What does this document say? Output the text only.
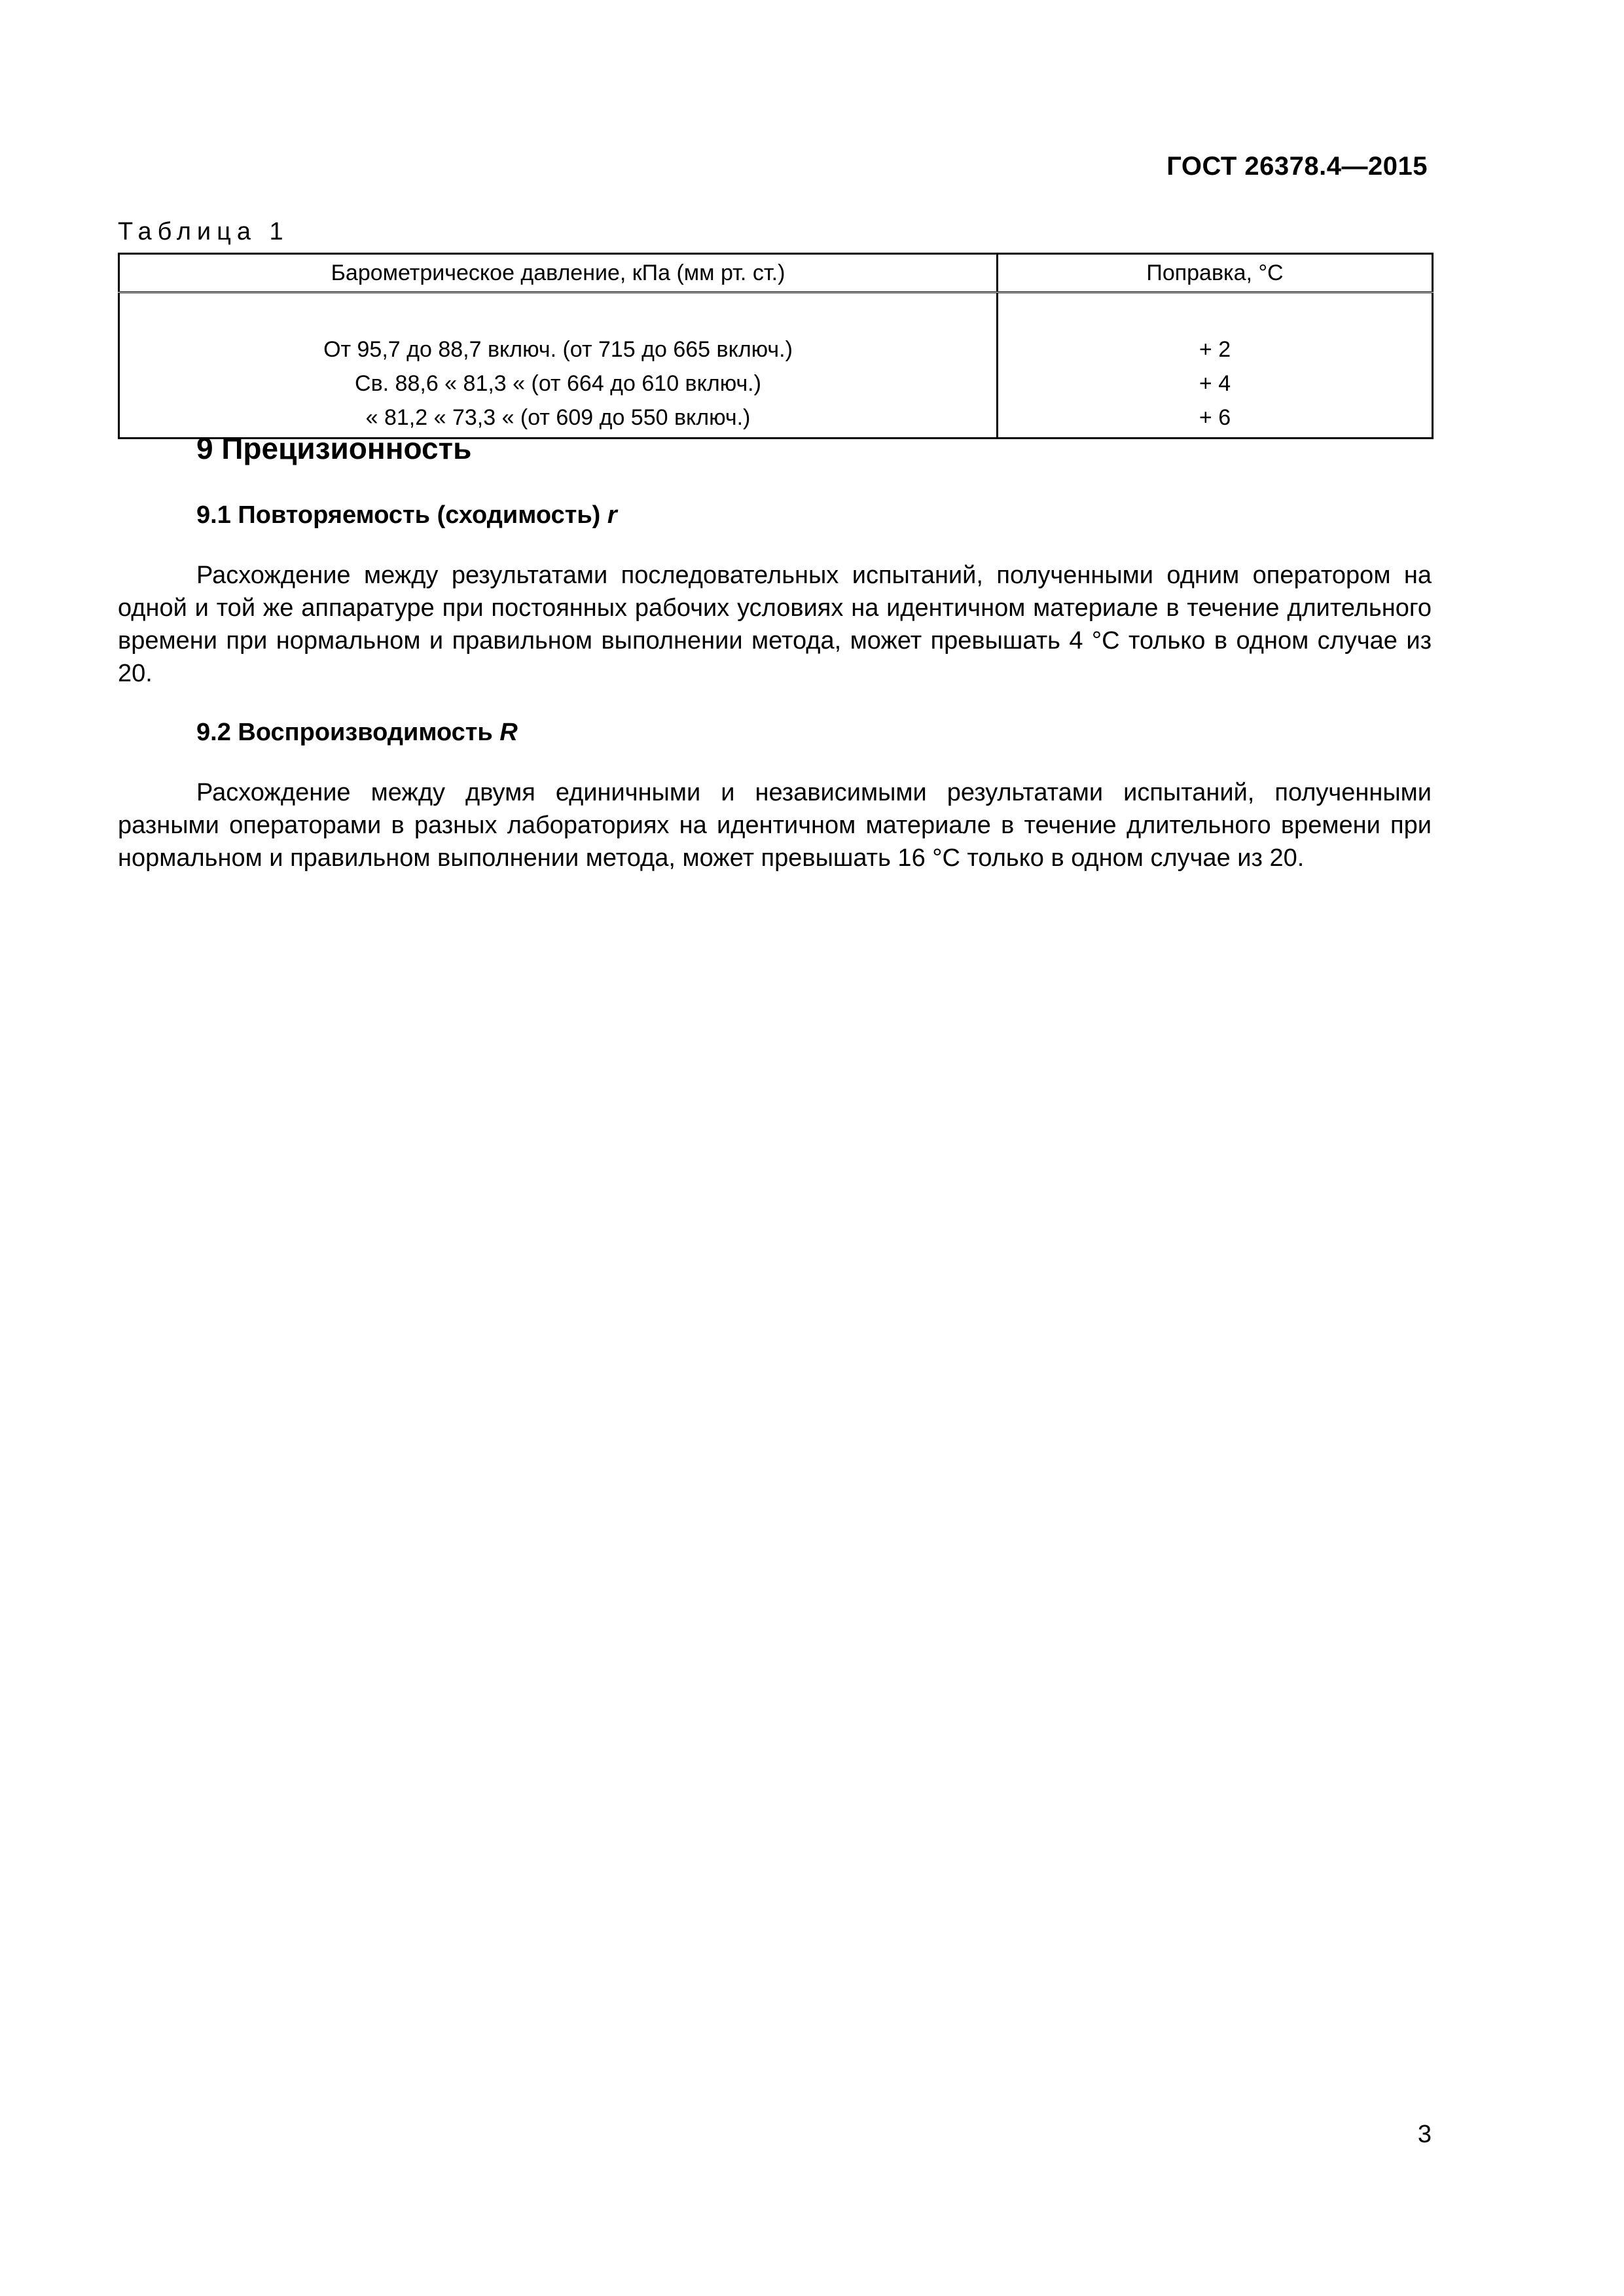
ГОСТ 26378.4—2015
Таблица 1
Барометрическое давление, кПа (мм рт. ст.)	Поправка, °С

От 95,7 до 88,7 включ. (от 715 до 665 включ.)	+ 2
Св. 88,6 « 81,3 « (от 664 до 610 включ.)	+ 4
« 81,2 « 73,3 « (от 609 до 550 включ.)	+ 6
9 Прецизионность
9.1 Повторяемость (сходимость) r
Расхождение между результатами последовательных испытаний, полученными одним оператором на одной и той же аппаратуре при постоянных рабочих условиях на идентичном материале в течение длительного времени при нормальном и правильном выполнении метода, может превышать 4 °С только в одном случае из 20.
9.2 Воспроизводимость R
Расхождение между двумя единичными и независимыми результатами испытаний, полученными разными операторами в разных лабораториях на идентичном материале в течение длительного времени при нормальном и правильном выполнении метода, может превышать 16 °С только в одном случае из 20.
3
